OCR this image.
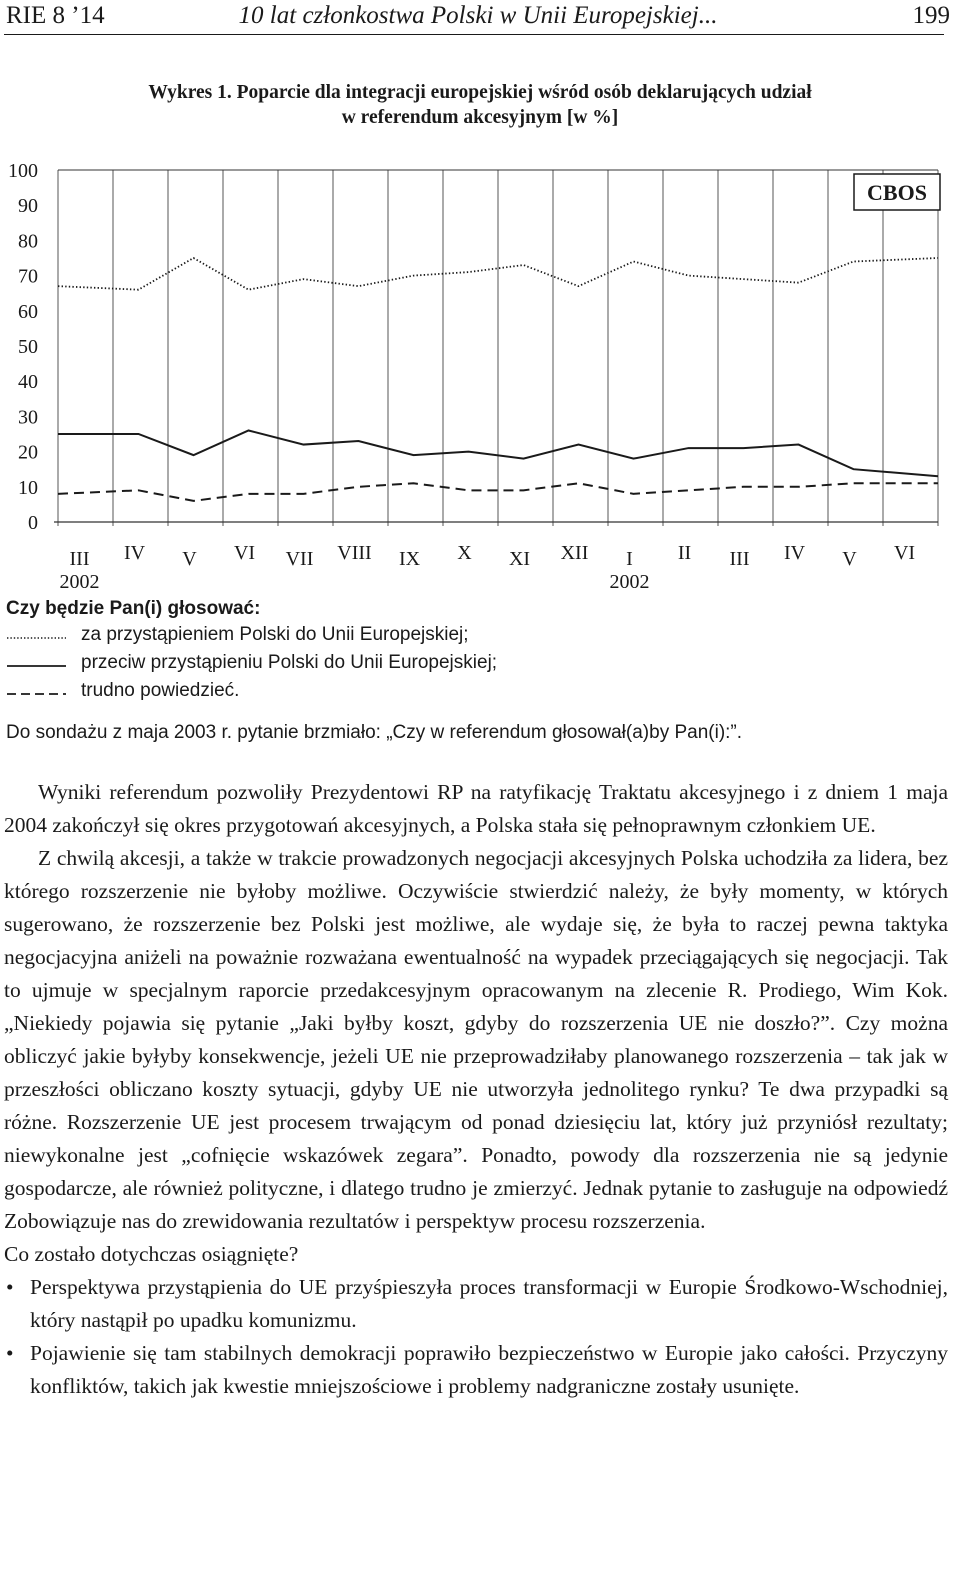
RIE 8 ’14	10 lat członkostwa Polski w Unii Europejskiej...	199
Wykres 1. Poparcie dla integracji europejskiej wśród osób deklarujących udział
w referendum akcesyjnym [w %]
0
10
20
30
40
50
60
70
80
90
100
III IV V VI VII VIII IX X XI XII I II III IV V VI
2002	2002
CBOS
Czy będzie Pan(i) głosować:
za przystąpieniem Polski do Unii Europejskiej;
przeciw przystąpieniu Polski do Unii Europejskiej;
trudno powiedzieć.
Do sondażu z maja 2003 r. pytanie brzmiało: „Czy w referendum głosował(a)by Pan(i):”.

Wyniki referendum pozwoliły Prezydentowi RP na ratyfikację Traktatu akcesyjnego i z dniem 1 maja 2004 zakończył się okres przygotowań akcesyjnych, a Polska stała się pełnoprawnym członkiem UE.

Z chwilą akcesji, a także w trakcie prowadzonych negocjacji akcesyjnych Polska uchodziła za lidera, bez którego rozszerzenie nie byłoby możliwe. Oczywiście stwierdzić należy, że były momenty, w których sugerowano, że rozszerzenie bez Polski jest możliwe, ale wydaje się, że była to raczej pewna taktyka negocjacyjna aniżeli na poważnie rozważana ewentualność na wypadek przeciągających się negocjacji. Tak to ujmuje w specjalnym raporcie przedakcesyjnym opracowanym na zlecenie R. Prodiego, Wim Kok. „Niekiedy pojawia się pytanie „Jaki byłby koszt, gdyby do rozszerzenia UE nie doszło?”. Czy można obliczyć jakie byłyby konsekwencje, jeżeli UE nie przeprowadziłaby planowanego rozszerzenia – tak jak w przeszłości obliczano koszty sytuacji, gdyby UE nie utworzyła jednolitego rynku? Te dwa przypadki są różne. Rozszerzenie UE jest procesem trwającym od ponad dziesięciu lat, który już przyniósł rezultaty; niewykonalne jest „cofnięcie wskazówek zegara”. Ponadto, powody dla rozszerzenia nie są jedynie gospodarcze, ale również polityczne, i dlatego trudno je zmierzyć. Jednak pytanie to zasługuje na odpowiedź Zobowiązuje nas do zrewidowania rezultatów i perspektyw procesu rozszerzenia.

Co zostało dotychczas osiągnięte?

• Perspektywa przystąpienia do UE przyśpieszyła proces transformacji w Europie Środkowo-Wschodniej, który nastąpił po upadku komunizmu.
• Pojawienie się tam stabilnych demokracji poprawiło bezpieczeństwo w Europie jako całości. Przyczyny konfliktów, takich jak kwestie mniejszościowe i problemy nadgraniczne zostały usunięte.
